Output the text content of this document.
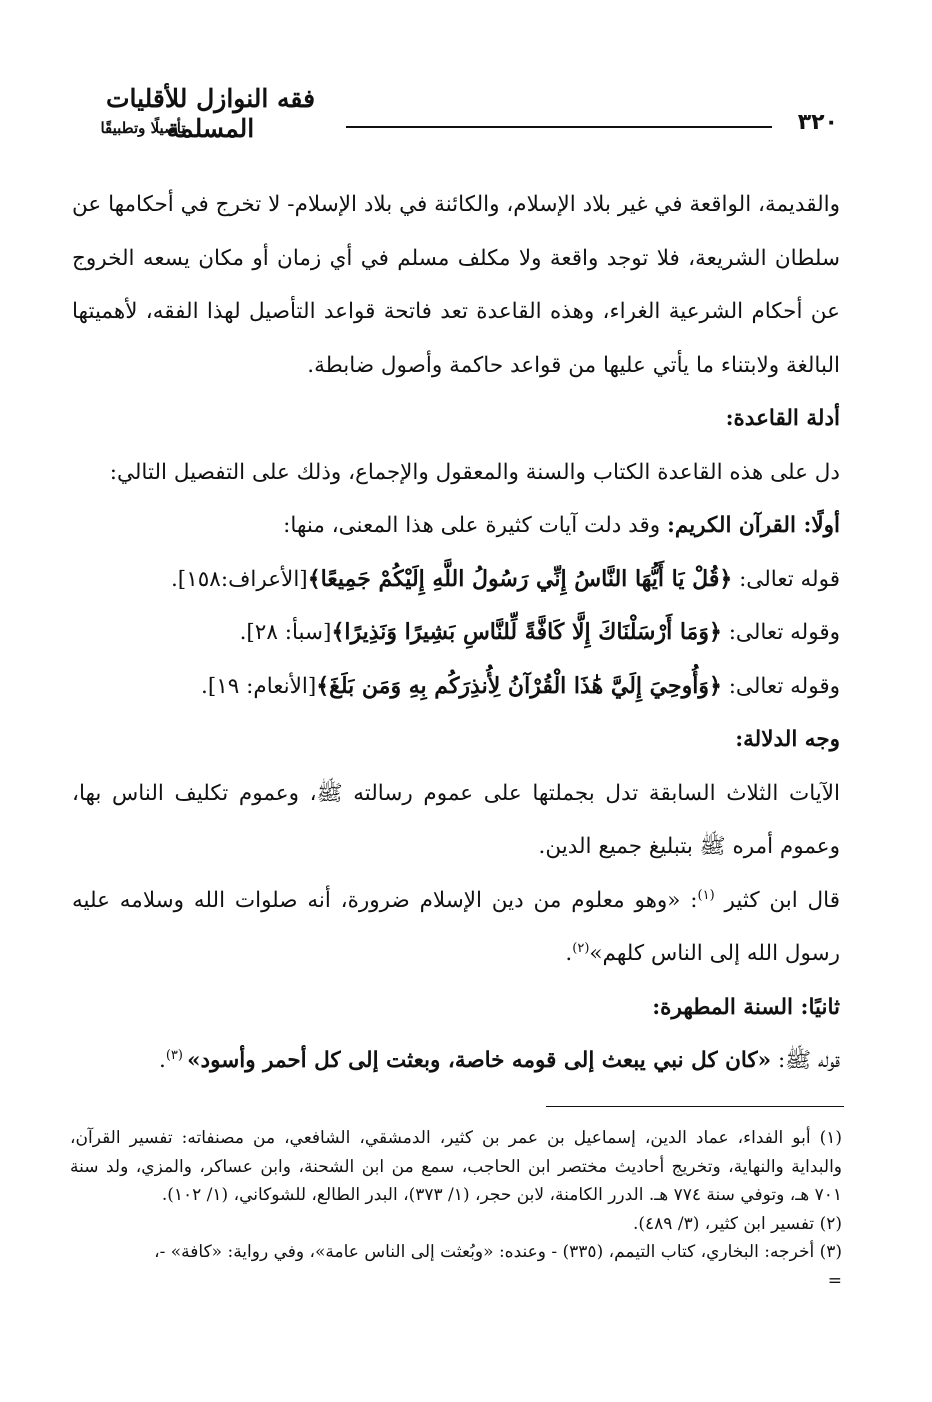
فقه النوازل للأقليات المسلمة
تأصيلًا وتطبيقًا	٣٢٠

والقديمة، الواقعة في غير بلاد الإسلام، والكائنة في بلاد الإسلام- لا تخرج في أحكامها عن سلطان الشريعة، فلا توجد واقعة ولا مكلف مسلم في أي زمان أو مكان يسعه الخروج عن أحكام الشرعية الغراء، وهذه القاعدة تعد فاتحة قواعد التأصيل لهذا الفقه، لأهميتها البالغة ولابتناء ما يأتي عليها من قواعد حاكمة وأصول ضابطة.

أدلة القاعدة:

دل على هذه القاعدة الكتاب والسنة والمعقول والإجماع، وذلك على التفصيل التالي:

أولًا: القرآن الكريم: وقد دلت آيات كثيرة على هذا المعنى، منها:

قوله تعالى: ﴿قُلْ يَا أَيُّهَا النَّاسُ إِنِّي رَسُولُ اللَّهِ إِلَيْكُمْ جَمِيعًا﴾[الأعراف:١٥٨].

وقوله تعالى: ﴿وَمَا أَرْسَلْنَاكَ إِلَّا كَافَّةً لِّلنَّاسِ بَشِيرًا وَنَذِيرًا﴾[سبأ: ٢٨].

وقوله تعالى: ﴿وَأُوحِيَ إِلَيَّ هَٰذَا الْقُرْآنُ لِأُنذِرَكُم بِهِ وَمَن بَلَغَ﴾[الأنعام: ١٩].

وجه الدلالة:

الآيات الثلاث السابقة تدل بجملتها على عموم رسالته ﷺ، وعموم تكليف الناس بها، وعموم أمره ﷺ بتبليغ جميع الدين.

قال ابن كثير $^{(١)}$: «وهو معلوم من دين الإسلام ضرورة، أنه صلوات الله وسلامه عليه رسول الله إلى الناس كلهم»$^{(٢)}$.

ثانيًا: السنة المطهرة:

قوله ﷺ: «كان كل نبي يبعث إلى قومه خاصة، وبعثت إلى كل أحمر وأسود» $^{(٣)}$.

(١) أبو الفداء، عماد الدين، إسماعيل بن عمر بن كثير، الدمشقي، الشافعي، من مصنفاته: تفسير القرآن، والبداية والنهاية، وتخريج أحاديث مختصر ابن الحاجب، سمع من ابن الشحنة، وابن عساكر، والمزي، ولد سنة ٧٠١ هـ، وتوفي سنة ٧٧٤ هـ. الدرر الكامنة، لابن حجر، (١/ ٣٧٣)، البدر الطالع، للشوكاني، (١/ ١٠٢).

(٢) تفسير ابن كثير، (٣/ ٤٨٩).

(٣) أخرجه: البخاري، كتاب التيمم، (٣٣٥) - وعنده: «وبُعثت إلى الناس عامة»، وفي رواية: «كافة» -،

=
